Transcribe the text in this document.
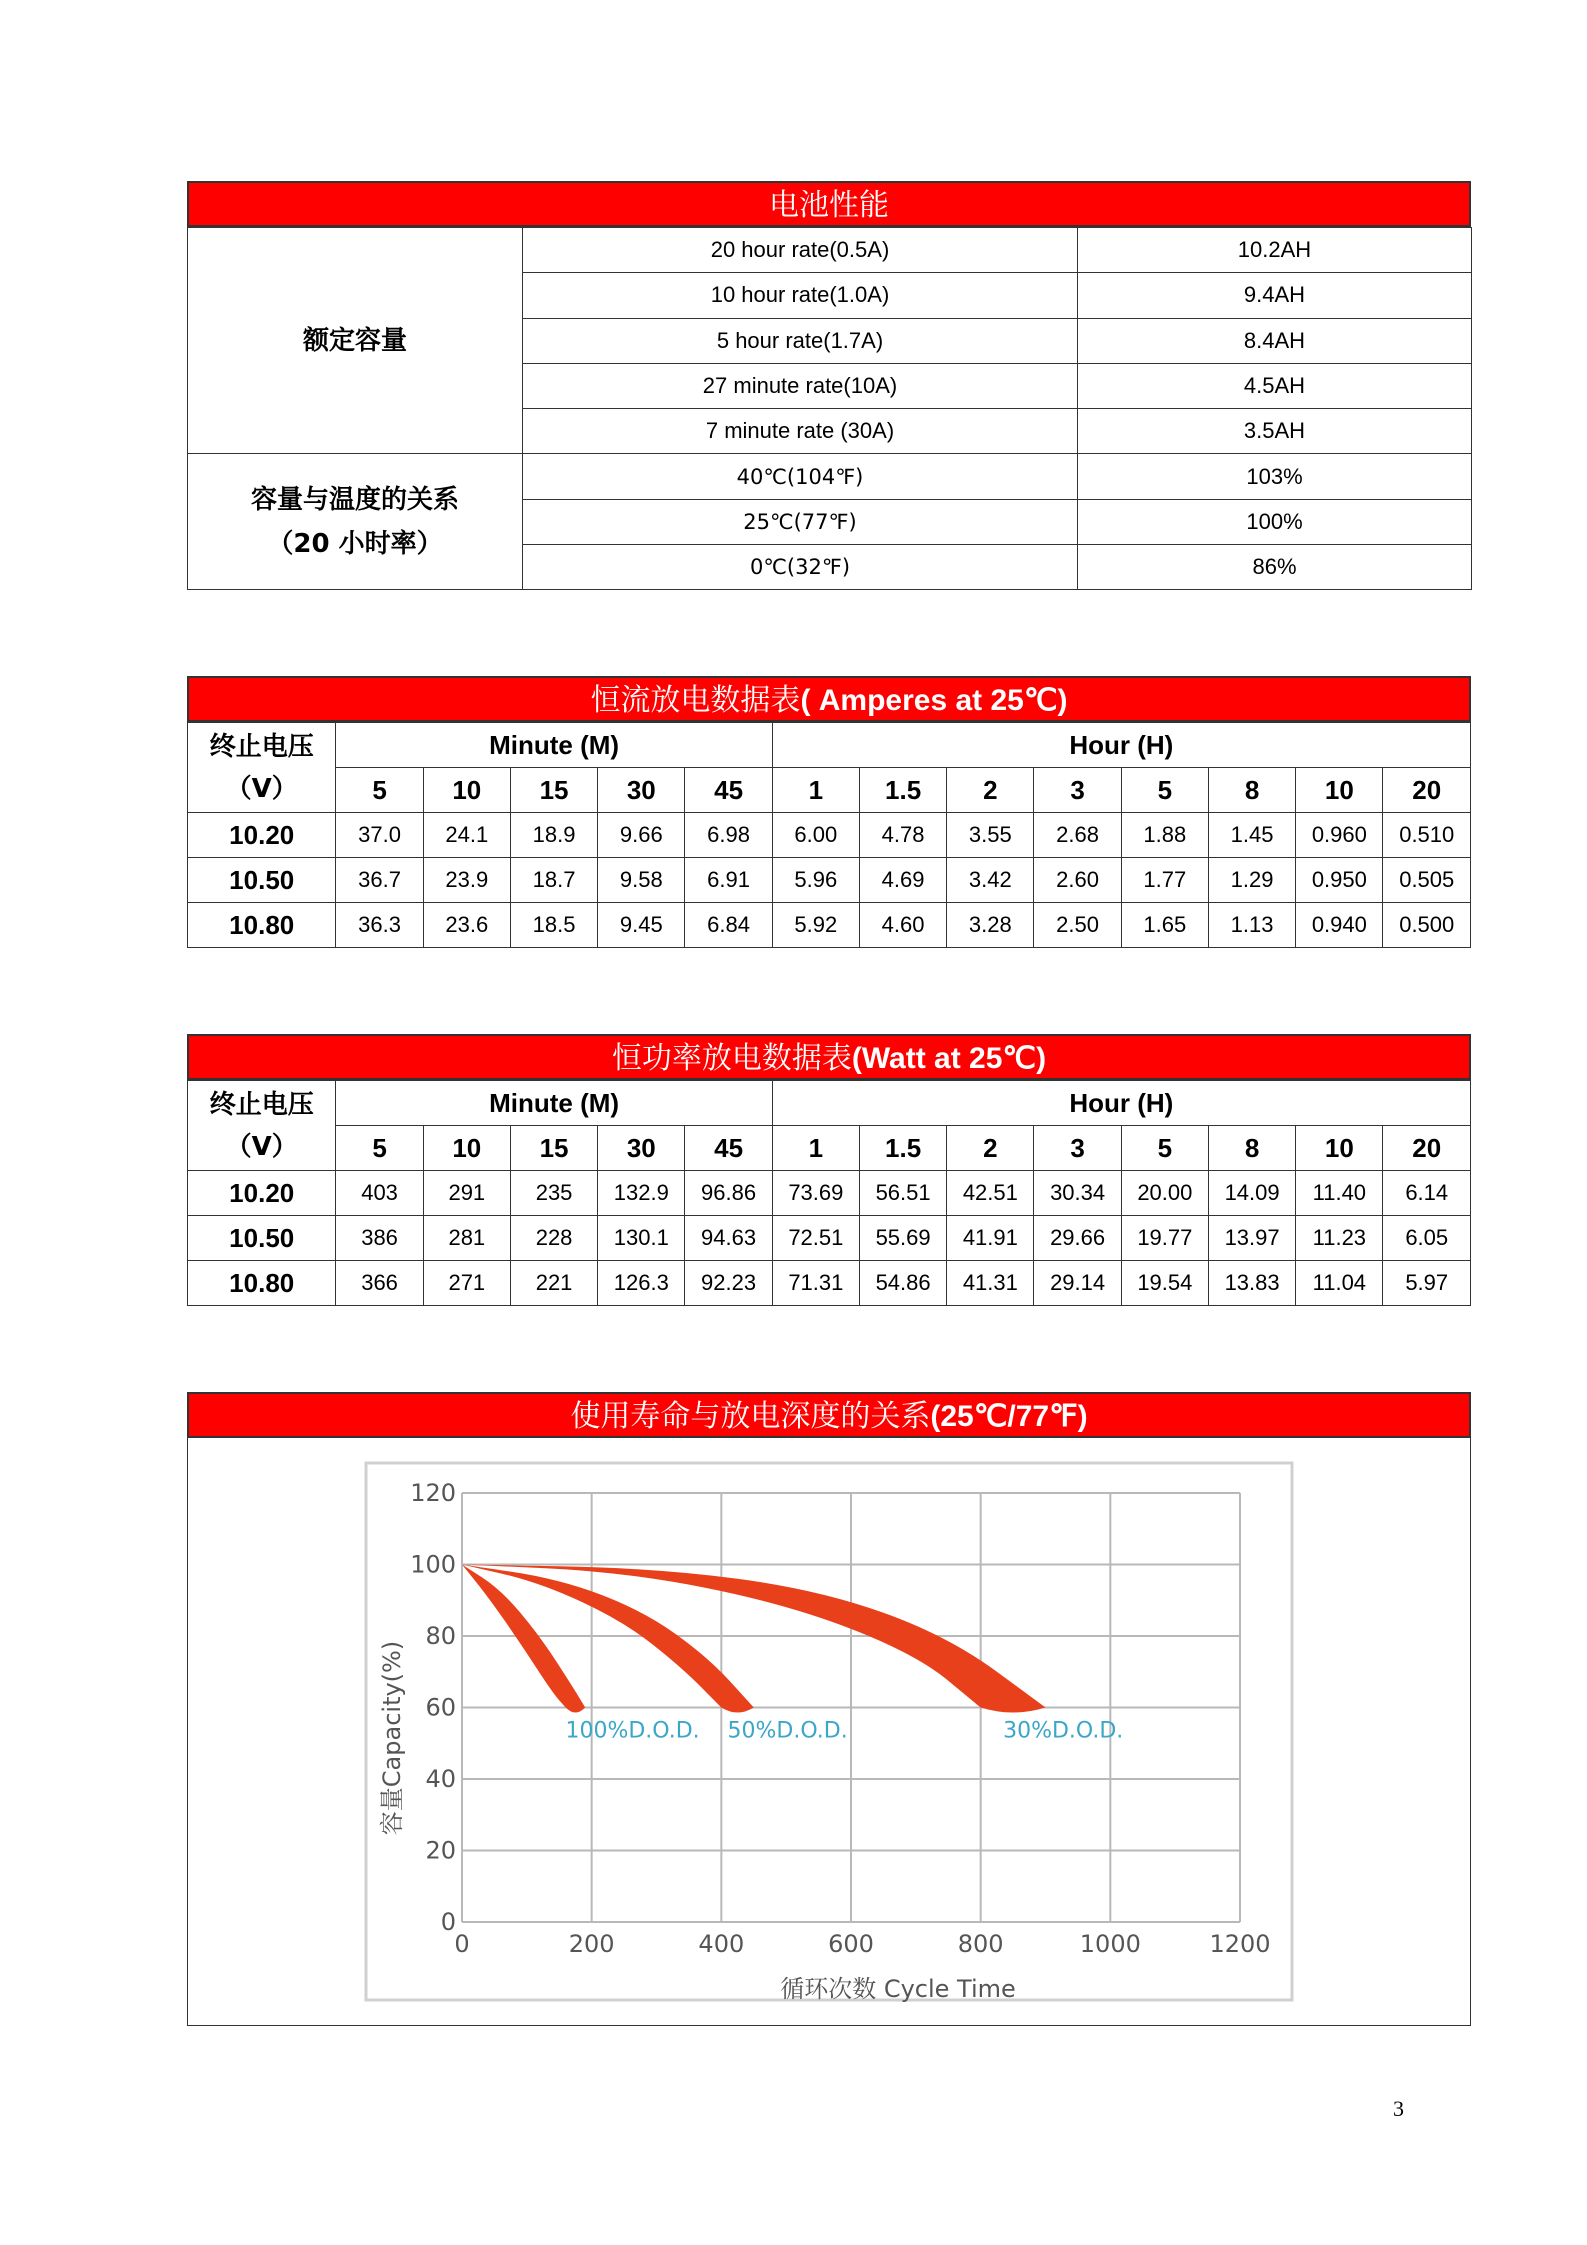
电池性能
额定容量	20 hour rate(0.5A)	10.2AH
	10 hour rate(1.0A)	9.4AH
	5 hour rate(1.7A)	8.4AH
	27 minute rate(10A)	4.5AH
	7 minute rate (30A)	3.5AH

容量与温度的关系
（20 小时率）	40℃(104℉)	103%
	25℃(77℉)	100%
	0℃(32℉)	86%
恒流放电数据表( Amperes at 25℃)
终止电压
（V）	Minute (M)					Hour (H)							
	5	10	15	30	45	1	1.5	2	3	5	8	10	20
10.20	37.0	24.1	18.9	9.66	6.98	6.00	4.78	3.55	2.68	1.88	1.45	0.960	0.510
10.50	36.7	23.9	18.7	9.58	6.91	5.96	4.69	3.42	2.60	1.77	1.29	0.950	0.505
10.80	36.3	23.6	18.5	9.45	6.84	5.92	4.60	3.28	2.50	1.65	1.13	0.940	0.500
恒功率放电数据表(Watt at 25℃)
终止电压
（V）	Minute (M)					Hour (H)							
	5	10	15	30	45	1	1.5	2	3	5	8	10	20
10.20	403	291	235	132.9	96.86	73.69	56.51	42.51	30.34	20.00	14.09	11.40	6.14
10.50	386	281	228	130.1	94.63	72.51	55.69	41.91	29.66	19.77	13.97	11.23	6.05
10.80	366	271	221	126.3	92.23	71.31	54.86	41.31	29.14	19.54	13.83	11.04	5.97
使用寿命与放电深度的关系(25℃/77℉)
100%D.O.D. 50%D.O.D.	30%D.O.D.
0
20
40
60
80
100
120
0	200	400	600	800	1000	1200
循环次数 Cycle Time
容量Capacity(%)
3
